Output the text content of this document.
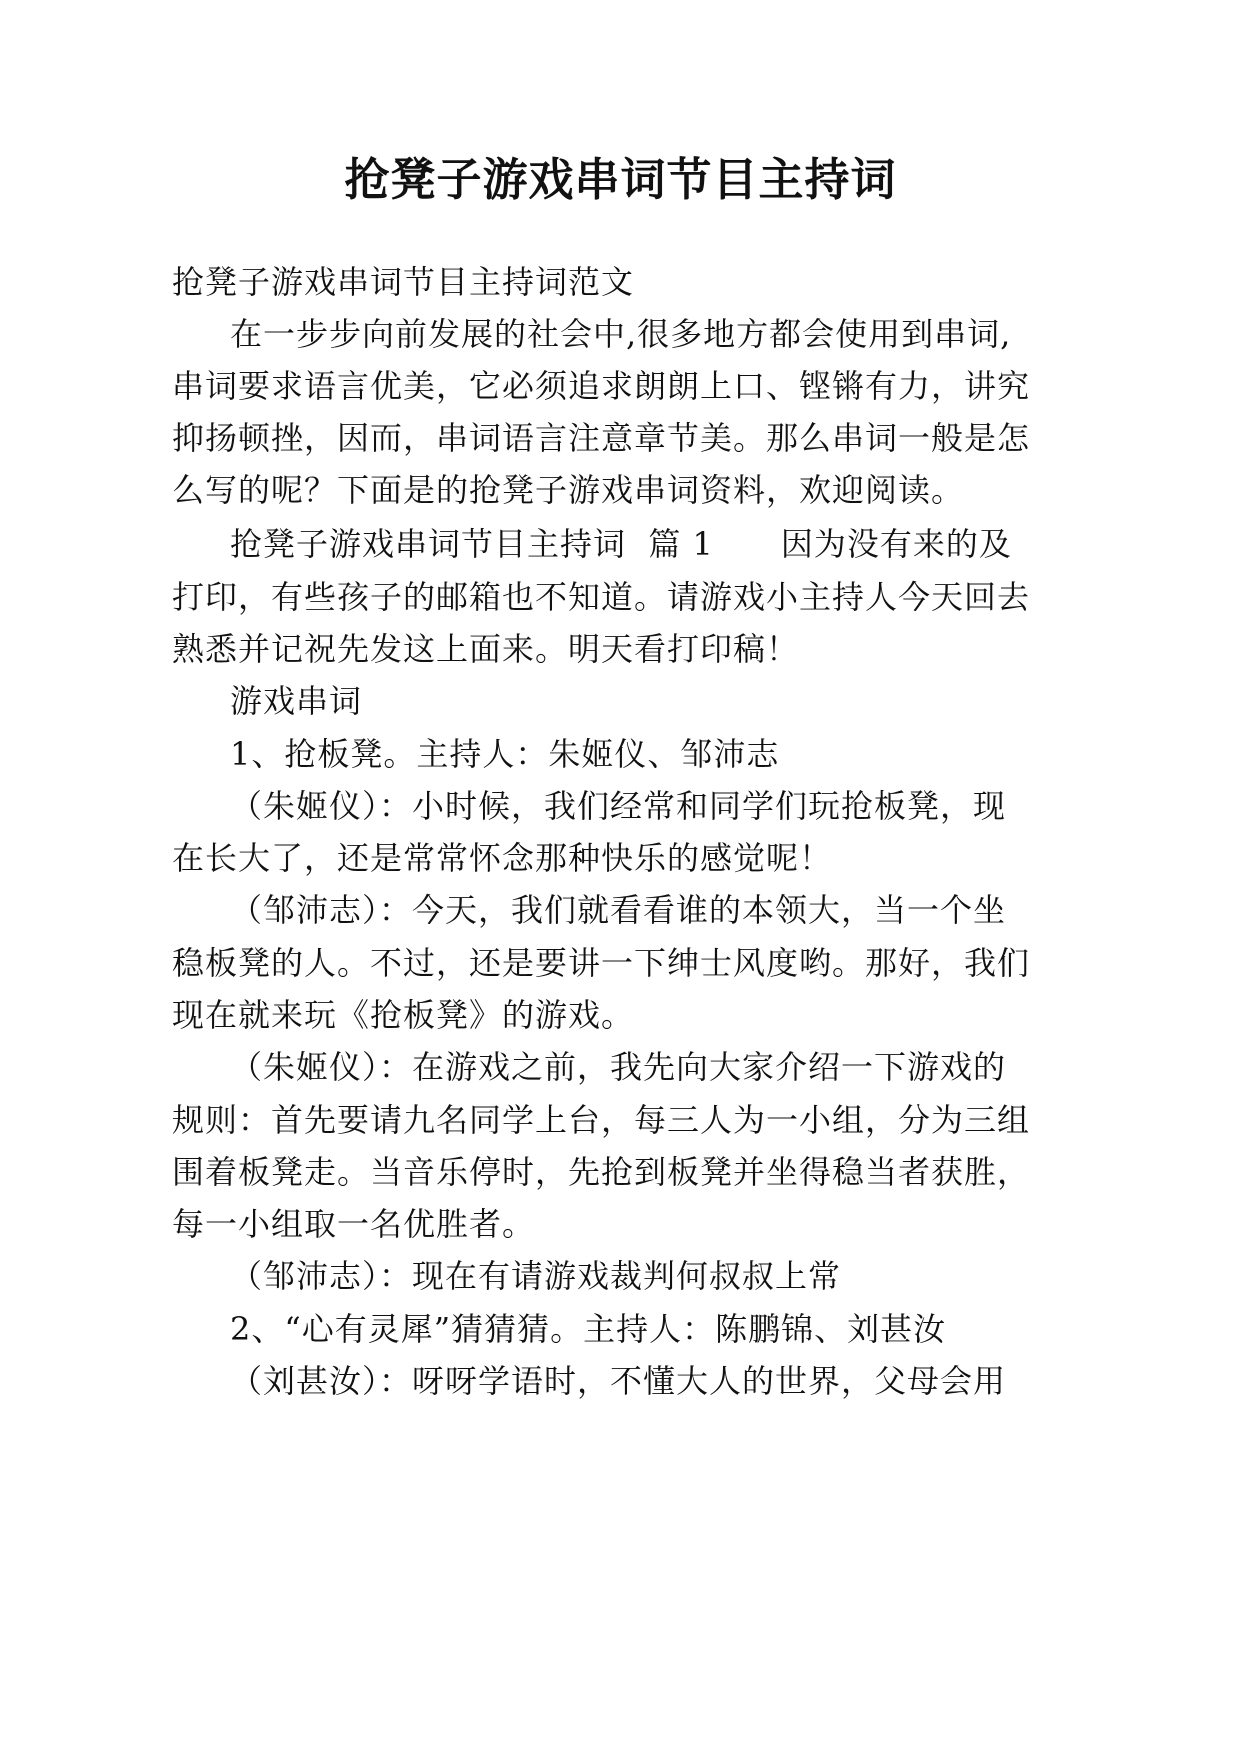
抢凳子游戏串词节目主持词
抢凳子游戏串词节目主持词范文
在一步步向前发展的社会中,很多地方都会使用到串词,
串词要求语言优美，它必须追求朗朗上口、铿锵有力，讲究
抑扬顿挫，因而，串词语言注意章节美。那么串词一般是怎
么写的呢？下面是的抢凳子游戏串词资料，欢迎阅读。
抢凳子游戏串词节目主持词  篇 1      因为没有来的及
打印，有些孩子的邮箱也不知道。请游戏小主持人今天回去
熟悉并记祝先发这上面来。明天看打印稿！
游戏串词
1、抢板凳。主持人：朱姬仪、邹沛志
（朱姬仪）：小时候，我们经常和同学们玩抢板凳，现
在长大了，还是常常怀念那种快乐的感觉呢！
（邹沛志）：今天，我们就看看谁的本领大，当一个坐
稳板凳的人。不过，还是要讲一下绅士风度哟。那好，我们
现在就来玩《抢板凳》的游戏。
（朱姬仪）：在游戏之前，我先向大家介绍一下游戏的
规则：首先要请九名同学上台，每三人为一小组，分为三组
围着板凳走。当音乐停时，先抢到板凳并坐得稳当者获胜，
每一小组取一名优胜者。
（邹沛志）：现在有请游戏裁判何叔叔上常
2、“心有灵犀”猜猜猜。主持人：陈鹏锦、刘甚汝
（刘甚汝）：呀呀学语时，不懂大人的世界，父母会用
